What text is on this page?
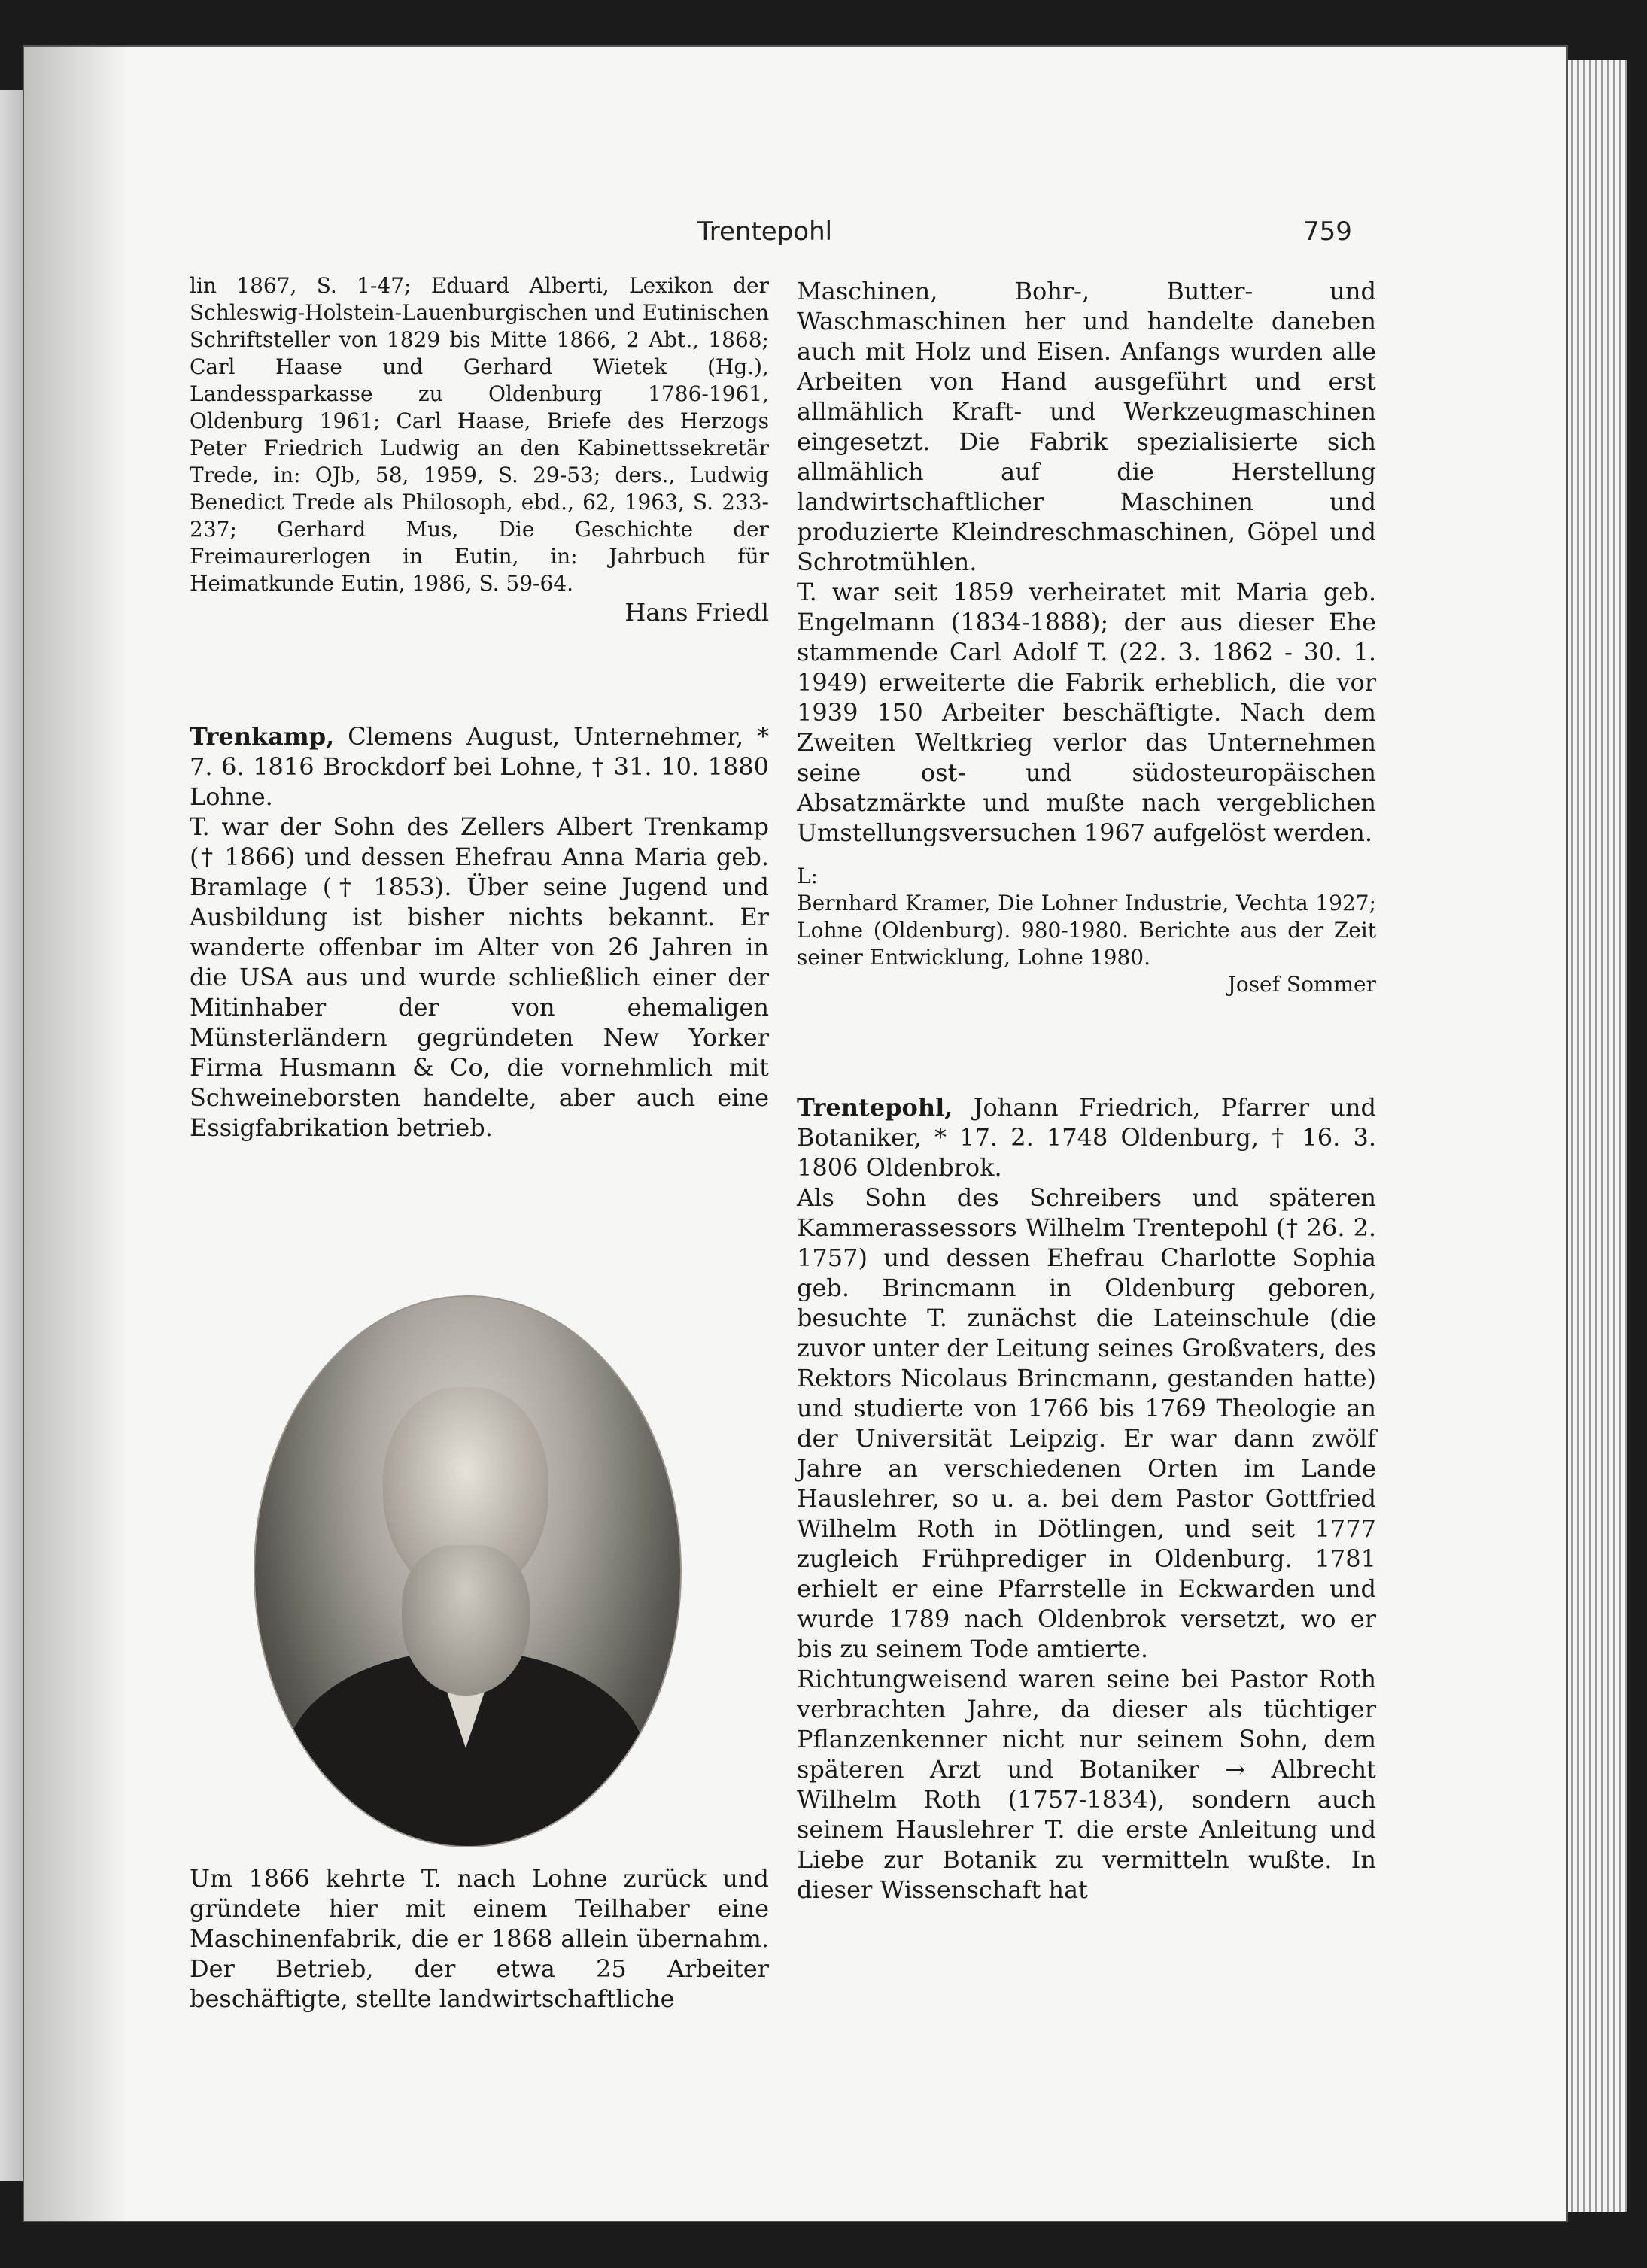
Trentepohl	759

lin 1867, S. 1-47; Eduard Alberti, Lexikon der Schleswig-Holstein-Lauenburgischen und Eutinischen Schriftsteller von 1829 bis Mitte 1866, 2 Abt., 1868; Carl Haase und Gerhard Wietek (Hg.), Landessparkasse zu Oldenburg 1786-1961, Oldenburg 1961; Carl Haase, Briefe des Herzogs Peter Friedrich Ludwig an den Kabinettssekretär Trede, in: OJb, 58, 1959, S. 29-53; ders., Ludwig Benedict Trede als Philosoph, ebd., 62, 1963, S. 233-237; Gerhard Mus, Die Geschichte der Freimaurerlogen in Eutin, in: Jahrbuch für Heimatkunde Eutin, 1986, S. 59-64.

Hans Friedl

Trenkamp, Clemens August, Unternehmer, * 7. 6. 1816 Brockdorf bei Lohne, † 31. 10. 1880 Lohne.

T. war der Sohn des Zellers Albert Trenkamp († 1866) und dessen Ehefrau Anna Maria geb. Bramlage († 1853). Über seine Jugend und Ausbildung ist bisher nichts bekannt. Er wanderte offenbar im Alter von 26 Jahren in die USA aus und wurde schließlich einer der Mitinhaber der von ehemaligen Münsterländern gegründeten New Yorker Firma Husmann & Co, die vornehmlich mit Schweineborsten handelte, aber auch eine Essigfabrikation betrieb.

Um 1866 kehrte T. nach Lohne zurück und gründete hier mit einem Teilhaber eine Maschinenfabrik, die er 1868 allein übernahm. Der Betrieb, der etwa 25 Arbeiter beschäftigte, stellte landwirtschaftliche

Maschinen, Bohr-, Butter- und Waschmaschinen her und handelte daneben auch mit Holz und Eisen. Anfangs wurden alle Arbeiten von Hand ausgeführt und erst allmählich Kraft- und Werkzeugmaschinen eingesetzt. Die Fabrik spezialisierte sich allmählich auf die Herstellung landwirtschaftlicher Maschinen und produzierte Kleindreschmaschinen, Göpel und Schrotmühlen.

T. war seit 1859 verheiratet mit Maria geb. Engelmann (1834-1888); der aus dieser Ehe stammende Carl Adolf T. (22. 3. 1862 - 30. 1. 1949) erweiterte die Fabrik erheblich, die vor 1939 150 Arbeiter beschäftigte. Nach dem Zweiten Weltkrieg verlor das Unternehmen seine ost- und südosteuropäischen Absatzmärkte und mußte nach vergeblichen Umstellungsversuchen 1967 aufgelöst werden.

L:

Bernhard Kramer, Die Lohner Industrie, Vechta 1927; Lohne (Oldenburg). 980-1980. Berichte aus der Zeit seiner Entwicklung, Lohne 1980.

Josef Sommer

Trentepohl, Johann Friedrich, Pfarrer und Botaniker, * 17. 2. 1748 Oldenburg, † 16. 3. 1806 Oldenbrok.

Als Sohn des Schreibers und späteren Kammerassessors Wilhelm Trentepohl († 26. 2. 1757) und dessen Ehefrau Charlotte Sophia geb. Brincmann in Oldenburg geboren, besuchte T. zunächst die Lateinschule (die zuvor unter der Leitung seines Großvaters, des Rektors Nicolaus Brincmann, gestanden hatte) und studierte von 1766 bis 1769 Theologie an der Universität Leipzig. Er war dann zwölf Jahre an verschiedenen Orten im Lande Hauslehrer, so u. a. bei dem Pastor Gottfried Wilhelm Roth in Dötlingen, und seit 1777 zugleich Frühprediger in Oldenburg. 1781 erhielt er eine Pfarrstelle in Eckwarden und wurde 1789 nach Oldenbrok versetzt, wo er bis zu seinem Tode amtierte.

Richtungweisend waren seine bei Pastor Roth verbrachten Jahre, da dieser als tüchtiger Pflanzenkenner nicht nur seinem Sohn, dem späteren Arzt und Botaniker → Albrecht Wilhelm Roth (1757-1834), sondern auch seinem Hauslehrer T. die erste Anleitung und Liebe zur Botanik zu vermitteln wußte. In dieser Wissenschaft hat
